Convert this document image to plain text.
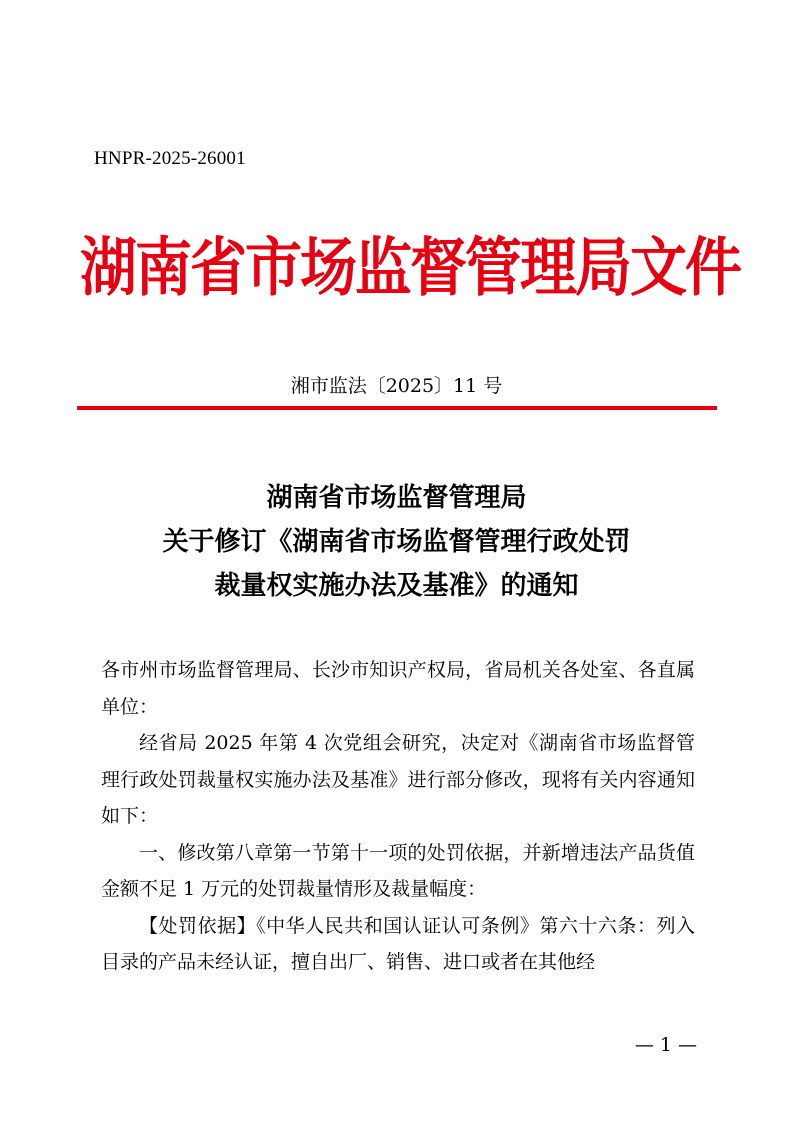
HNPR-2025-26001
湖南省市场监督管理局文件
湘市监法〔2025〕11 号
湖南省市场监督管理局
关于修订《湖南省市场监督管理行政处罚
裁量权实施办法及基准》的通知

各市州市场监督管理局、长沙市知识产权局，省局机关各处室、各直属单位：

经省局 2025 年第 4 次党组会研究，决定对《湖南省市场监督管理行政处罚裁量权实施办法及基准》进行部分修改，现将有关内容通知如下：

一、修改第八章第一节第十一项的处罚依据，并新增违法产品货值金额不足 1 万元的处罚裁量情形及裁量幅度：

【处罚依据】《中华人民共和国认证认可条例》第六十六条：列入目录的产品未经认证，擅自出厂、销售、进口或者在其他经

— 1 —
